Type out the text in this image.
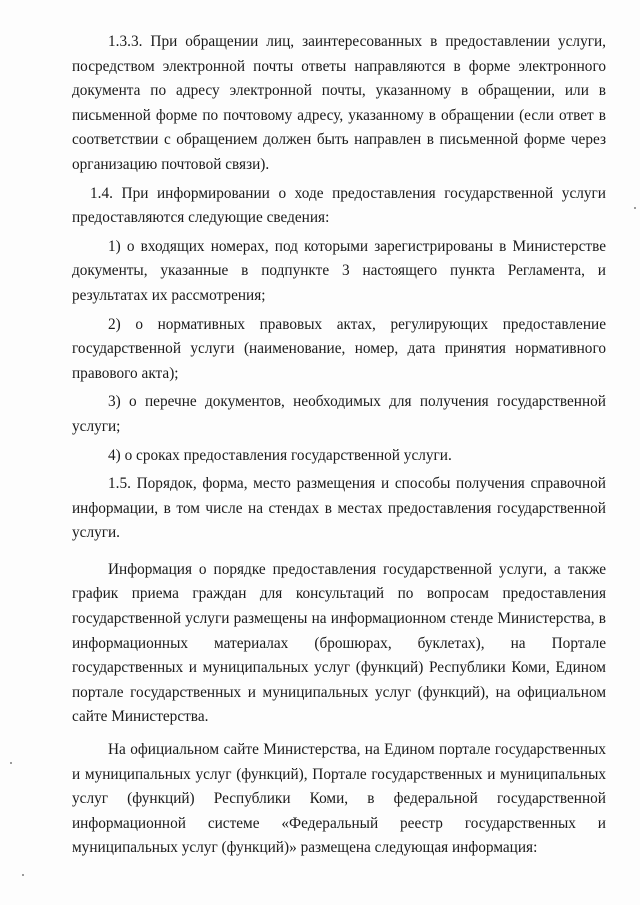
1.3.3. При обращении лиц, заинтересованных в предоставлении услуги, посредством электронной почты ответы направляются в форме электронного документа по адресу электронной почты, указанному в обращении, или в письменной форме по почтовому адресу, указанному в обращении (если ответ в соответствии с обращением должен быть направлен в письменной форме через организацию почтовой связи).

1.4. При информировании о ходе предоставления государственной услуги предоставляются следующие сведения:

1) о входящих номерах, под которыми зарегистрированы в Министерстве документы, указанные в подпункте 3 настоящего пункта Регламента, и результатах их рассмотрения;

2) о нормативных правовых актах, регулирующих предоставление государственной услуги (наименование, номер, дата принятия нормативного правового акта);

3) о перечне документов, необходимых для получения государственной услуги;

4) о сроках предоставления государственной услуги.

1.5. Порядок, форма, место размещения и способы получения справочной информации, в том числе на стендах в местах предоставления государственной услуги.

Информация о порядке предоставления государственной услуги, а также график приема граждан для консультаций по вопросам предоставления государственной услуги размещены на информационном стенде Министерства, в информационных материалах (брошюрах, буклетах), на Портале государственных и муниципальных услуг (функций) Республики Коми, Едином портале государственных и муниципальных услуг (функций), на официальном сайте Министерства.

На официальном сайте Министерства, на Едином портале государственных и муниципальных услуг (функций), Портале государственных и муниципальных услуг (функций) Республики Коми, в федеральной государственной информационной системе «Федеральный реестр государственных и муниципальных услуг (функций)» размещена следующая информация:
